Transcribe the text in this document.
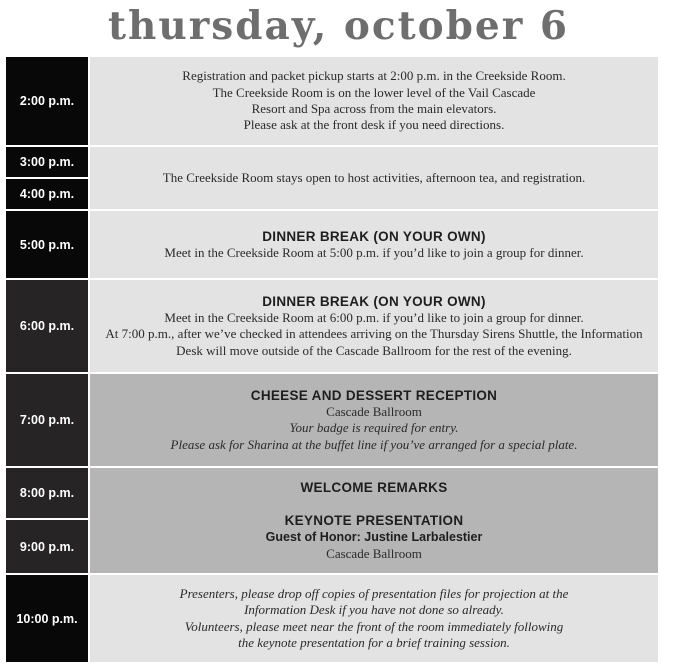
thursday, october 6
2:00 p.m.
3:00 p.m.
4:00 p.m.
5:00 p.m.
6:00 p.m.
7:00 p.m.
8:00 p.m.
9:00 p.m.
10:00 p.m.
Registration and packet pickup starts at 2:00 p.m. in the Creekside Room.
The Creekside Room is on the lower level of the Vail Cascade
Resort and Spa across from the main elevators.
Please ask at the front desk if you need directions.
The Creekside Room stays open to host activities, afternoon tea, and registration.
DINNER BREAK (ON YOUR OWN)
Meet in the Creekside Room at 5:00 p.m. if you’d like to join a group for dinner.
DINNER BREAK (ON YOUR OWN)
Meet in the Creekside Room at 6:00 p.m. if you’d like to join a group for dinner.
At 7:00 p.m., after we’ve checked in attendees arriving on the Thursday Sirens Shuttle, the Information
Desk will move outside of the Cascade Ballroom for the rest of the evening.
CHEESE AND DESSERT RECEPTION
Cascade Ballroom
Your badge is required for entry.
Please ask for Sharina at the buffet line if you’ve arranged for a special plate.
WELCOME REMARKS
KEYNOTE PRESENTATION
Guest of Honor: Justine Larbalestier
Cascade Ballroom
Presenters, please drop off copies of presentation files for projection at the
Information Desk if you have not done so already.
Volunteers, please meet near the front of the room immediately following
the keynote presentation for a brief training session.
